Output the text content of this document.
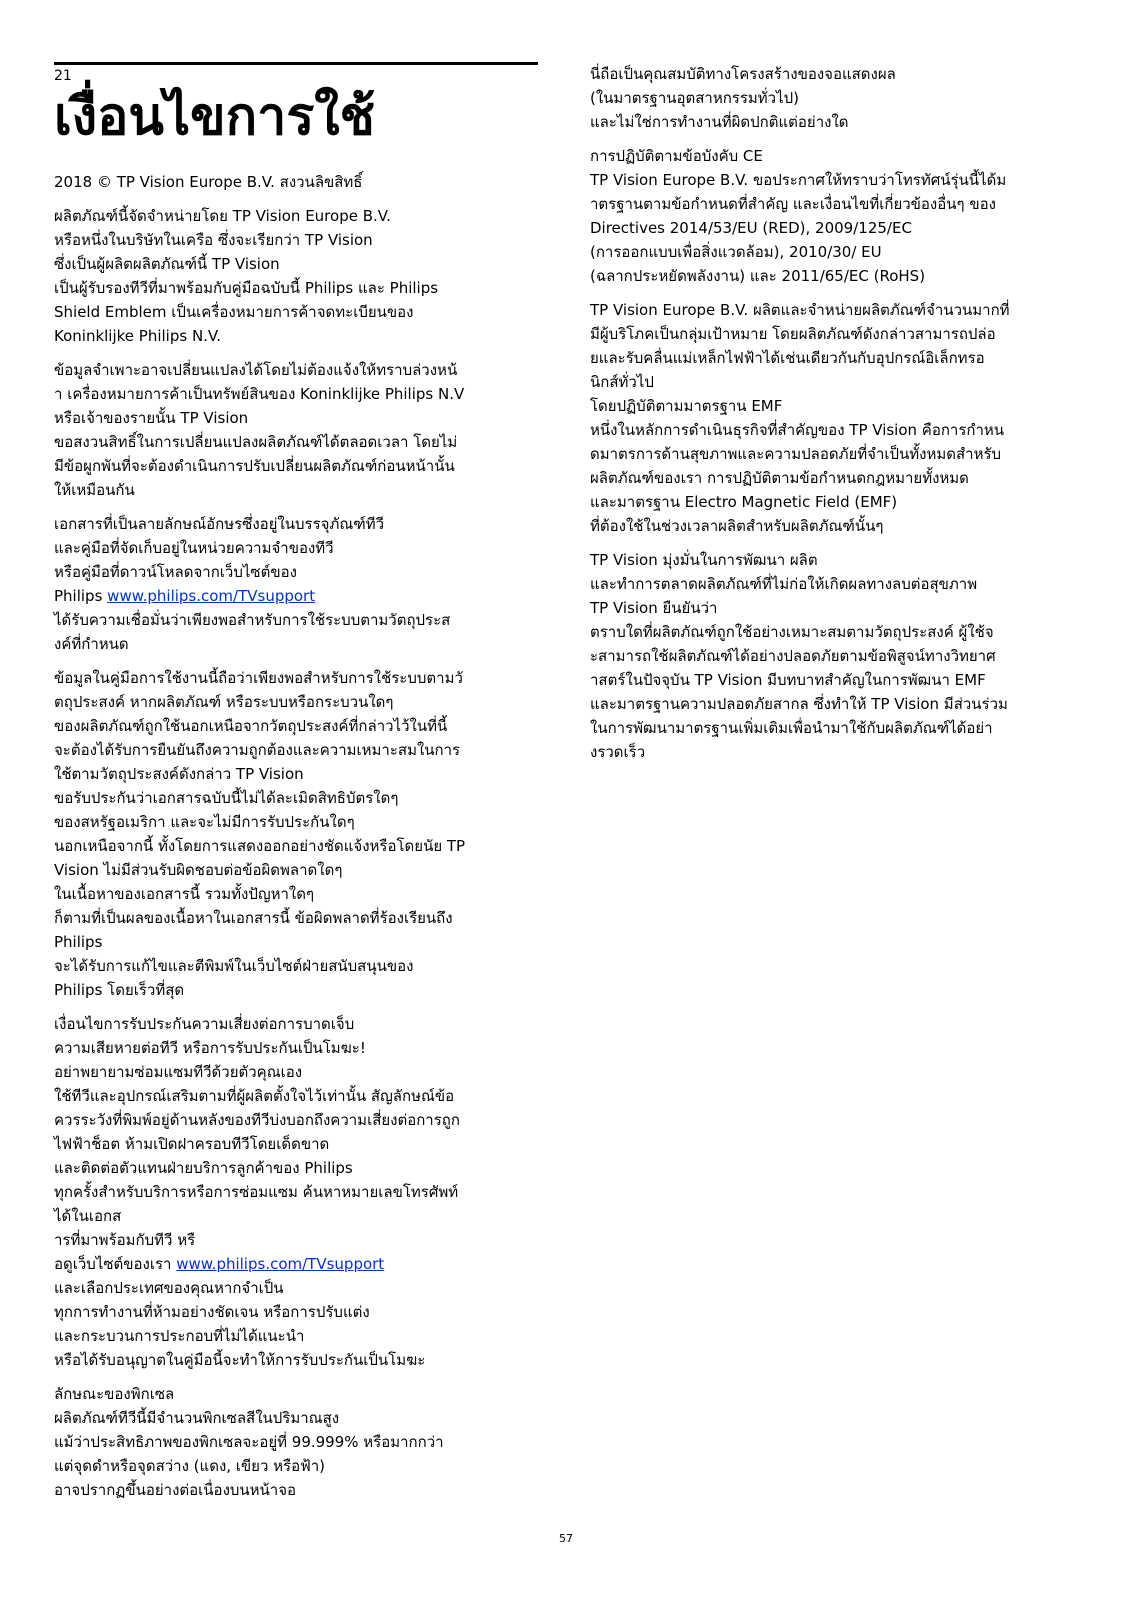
21
เงื่อนไขการใช้

2018 © TP Vision Europe B.V. สงวนลิขสิทธิ์

ผลิตภัณฑ์นี้จัดจำหน่ายโดย TP Vision Europe B.V.
หรือหนึ่งในบริษัทในเครือ ซึ่งจะเรียกว่า TP Vision
ซึ่งเป็นผู้ผลิตผลิตภัณฑ์นี้ TP Vision
เป็นผู้รับรองทีวีที่มาพร้อมกับคู่มือฉบับนี้ Philips และ Philips
Shield Emblem เป็นเครื่องหมายการค้าจดทะเบียนของ
Koninklijke Philips N.V.

ข้อมูลจำเพาะอาจเปลี่ยนแปลงได้โดยไม่ต้องแจ้งให้ทราบล่วงหน้
า เครื่องหมายการค้าเป็นทรัพย์สินของ Koninklijke Philips N.V
หรือเจ้าของรายนั้น TP Vision
ขอสงวนสิทธิ์ในการเปลี่ยนแปลงผลิตภัณฑ์ได้ตลอดเวลา โดยไม่
มีข้อผูกพันที่จะต้องดำเนินการปรับเปลี่ยนผลิตภัณฑ์ก่อนหน้านั้น
ให้เหมือนกัน

เอกสารที่เป็นลายลักษณ์อักษรซึ่งอยู่ในบรรจุภัณฑ์ทีวี
และคู่มือที่จัดเก็บอยู่ในหน่วยความจำของทีวี
หรือคู่มือที่ดาวน์โหลดจากเว็บไซต์ของ
Philips www.philips.com/TVsupport
ได้รับความเชื่อมั่นว่าเพียงพอสำหรับการใช้ระบบตามวัตถุประส
งค์ที่กำหนด

ข้อมูลในคู่มือการใช้งานนี้ถือว่าเพียงพอสำหรับการใช้ระบบตามวั
ตถุประสงค์ หากผลิตภัณฑ์ หรือระบบหรือกระบวนใดๆ
ของผลิตภัณฑ์ถูกใช้นอกเหนือจากวัตถุประสงค์ที่กล่าวไว้ในที่นี้
จะต้องได้รับการยืนยันถึงความถูกต้องและความเหมาะสมในการ
ใช้ตามวัตถุประสงค์ดังกล่าว TP Vision
ขอรับประกันว่าเอกสารฉบับนี้ไม่ได้ละเมิดสิทธิบัตรใดๆ
ของสหรัฐอเมริกา และจะไม่มีการรับประกันใดๆ
นอกเหนือจากนี้ ทั้งโดยการแสดงออกอย่างชัดแจ้งหรือโดยนัย TP
Vision ไม่มีส่วนรับผิดชอบต่อข้อผิดพลาดใดๆ
ในเนื้อหาของเอกสารนี้ รวมทั้งปัญหาใดๆ
ก็ตามที่เป็นผลของเนื้อหาในเอกสารนี้ ข้อผิดพลาดที่ร้องเรียนถึง
Philips
จะได้รับการแก้ไขและตีพิมพ์ในเว็บไซต์ฝ่ายสนับสนุนของ
Philips โดยเร็วที่สุด

เงื่อนไขการรับประกันความเสี่ยงต่อการบาดเจ็บ
ความเสียหายต่อทีวี หรือการรับประกันเป็นโมฆะ!
อย่าพยายามซ่อมแซมทีวีด้วยตัวคุณเอง
ใช้ทีวีและอุปกรณ์เสริมตามที่ผู้ผลิตตั้งใจไว้เท่านั้น สัญลักษณ์ข้อ
ควรระวังที่พิมพ์อยู่ด้านหลังของทีวีบ่งบอกถึงความเสี่ยงต่อการถูก
ไฟฟ้าช็อต ห้ามเปิดฝาครอบทีวีโดยเด็ดขาด
และติดต่อตัวแทนฝ่ายบริการลูกค้าของ Philips
ทุกครั้งสำหรับบริการหรือการซ่อมแซม ค้นหาหมายเลขโทรศัพท์
ได้ในเอกส
ารที่มาพร้อมกับทีวี หรื
อดูเว็บไซต์ของเรา www.philips.com/TVsupport
และเลือกประเทศของคุณหากจำเป็น
ทุกการทำงานที่ห้ามอย่างชัดเจน หรือการปรับแต่ง
และกระบวนการประกอบที่ไม่ได้แนะนำ
หรือได้รับอนุญาตในคู่มือนี้จะทำให้การรับประกันเป็นโมฆะ

ลักษณะของพิกเซล
ผลิตภัณฑ์ทีวีนี้มีจำนวนพิกเซลสีในปริมาณสูง
แม้ว่าประสิทธิภาพของพิกเซลจะอยู่ที่ 99.999% หรือมากกว่า
แต่จุดดำหรือจุดสว่าง (แดง, เขียว หรือฟ้า)
อาจปรากฏขึ้นอย่างต่อเนื่องบนหน้าจอ

นี่ถือเป็นคุณสมบัติทางโครงสร้างของจอแสดงผล
(ในมาตรฐานอุตสาหกรรมทั่วไป)
และไม่ใช่การทำงานที่ผิดปกติแต่อย่างใด

การปฏิบัติตามข้อบังคับ CE
TP Vision Europe B.V. ขอประกาศให้ทราบว่าโทรทัศน์รุ่นนี้ได้ม
าตรฐานตามข้อกำหนดที่สำคัญ และเงื่อนไขที่เกี่ยวข้องอื่นๆ ของ
Directives 2014/53/EU (RED), 2009/125/EC
(การออกแบบเพื่อสิ่งแวดล้อม), 2010/30/ EU
(ฉลากประหยัดพลังงาน) และ 2011/65/EC (RoHS)

TP Vision Europe B.V. ผลิตและจำหน่ายผลิตภัณฑ์จำนวนมากที่
มีผู้บริโภคเป็นกลุ่มเป้าหมาย โดยผลิตภัณฑ์ดังกล่าวสามารถปล่อ
ยและรับคลื่นแม่เหล็กไฟฟ้าได้เช่นเดียวกันกับอุปกรณ์อิเล็กทรอ
นิกส์ทั่วไป
โดยปฏิบัติตามมาตรฐาน EMF
หนึ่งในหลักการดำเนินธุรกิจที่สำคัญของ TP Vision คือการกำหน
ดมาตรการด้านสุขภาพและความปลอดภัยที่จำเป็นทั้งหมดสำหรับ
ผลิตภัณฑ์ของเรา การปฏิบัติตามข้อกำหนดกฎหมายทั้งหมด
และมาตรฐาน Electro Magnetic Field (EMF)
ที่ต้องใช้ในช่วงเวลาผลิตสำหรับผลิตภัณฑ์นั้นๆ

TP Vision มุ่งมั่นในการพัฒนา ผลิต
และทำการตลาดผลิตภัณฑ์ที่ไม่ก่อให้เกิดผลทางลบต่อสุขภาพ
TP Vision ยืนยันว่า
ตราบใดที่ผลิตภัณฑ์ถูกใช้อย่างเหมาะสมตามวัตถุประสงค์ ผู้ใช้จ
ะสามารถใช้ผลิตภัณฑ์ได้อย่างปลอดภัยตามข้อพิสูจน์ทางวิทยาศ
าสตร์ในปัจจุบัน TP Vision มีบทบาทสำคัญในการพัฒนา EMF
และมาตรฐานความปลอดภัยสากล ซึ่งทำให้ TP Vision มีส่วนร่วม
ในการพัฒนามาตรฐานเพิ่มเติมเพื่อนำมาใช้กับผลิตภัณฑ์ได้อย่า
งรวดเร็ว

57
